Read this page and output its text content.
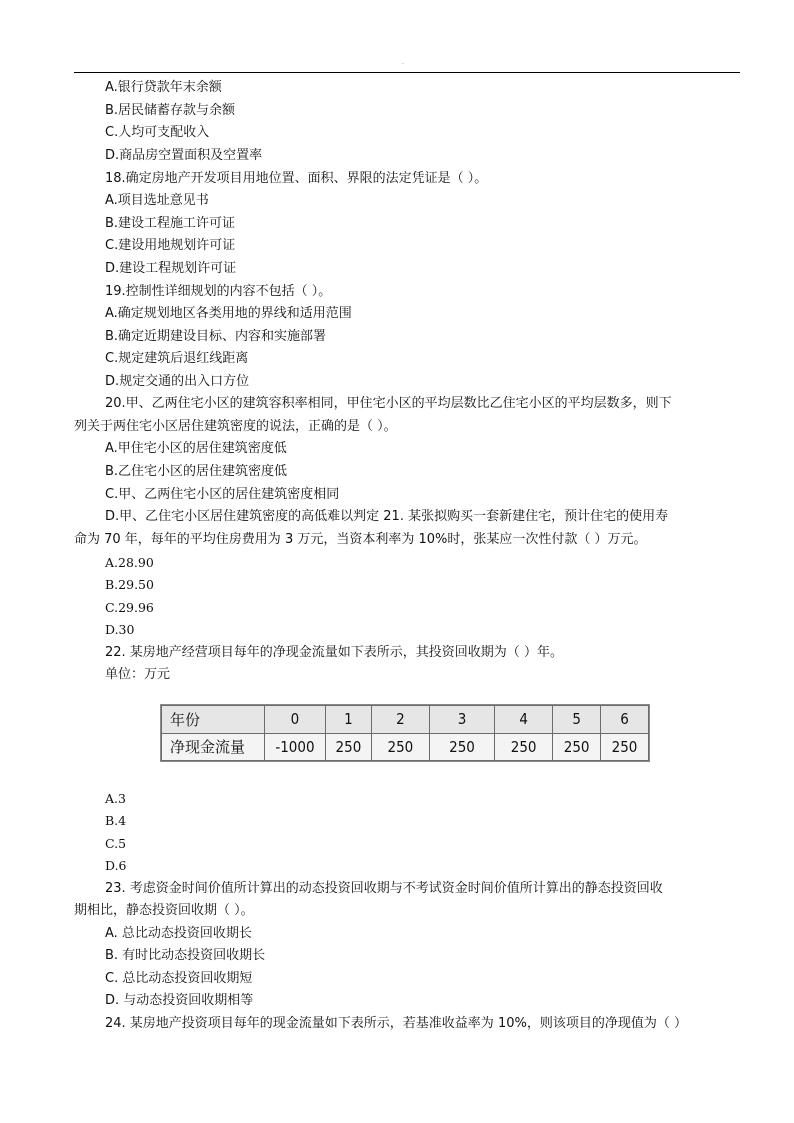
.
A.银行贷款年末余额
B.居民储蓄存款与余额
C.人均可支配收入
D.商品房空置面积及空置率
18.确定房地产开发项目用地位置、面积、界限的法定凭证是（ ）。
A.项目选址意见书
B.建设工程施工许可证
C.建设用地规划许可证
D.建设工程规划许可证
19.控制性详细规划的内容不包括（ ）。
A.确定规划地区各类用地的界线和适用范围
B.确定近期建设目标、内容和实施部署
C.规定建筑后退红线距离
D.规定交通的出入口方位
20.甲、乙两住宅小区的建筑容积率相同，甲住宅小区的平均层数比乙住宅小区的平均层数多，则下
列关于两住宅小区居住建筑密度的说法，正确的是（ ）。
A.甲住宅小区的居住建筑密度低
B.乙住宅小区的居住建筑密度低
C.甲、乙两住宅小区的居住建筑密度相同
D.甲、乙住宅小区居住建筑密度的高低难以判定 21. 某张拟购买一套新建住宅，预计住宅的使用寿
命为 70 年，每年的平均住房费用为 3 万元，当资本利率为 10%时，张某应一次性付款（ ）万元。
A.28.90
B.29.50
C.29.96
D.30
22. 某房地产经营项目每年的净现金流量如下表所示，其投资回收期为（ ）年。
单位：万元
年份	0	1	2	3	4	5	6
净现金流量	-1000	250	250	250	250	250	250
A.3
B.4
C.5
D.6
23. 考虑资金时间价值所计算出的动态投资回收期与不考试资金时间价值所计算出的静态投资回收
期相比，静态投资回收期（ ）。
A. 总比动态投资回收期长
B. 有时比动态投资回收期长
C. 总比动态投资回收期短
D. 与动态投资回收期相等
24. 某房地产投资项目每年的现金流量如下表所示，若基准收益率为 10%，则该项目的净现值为（ ）
